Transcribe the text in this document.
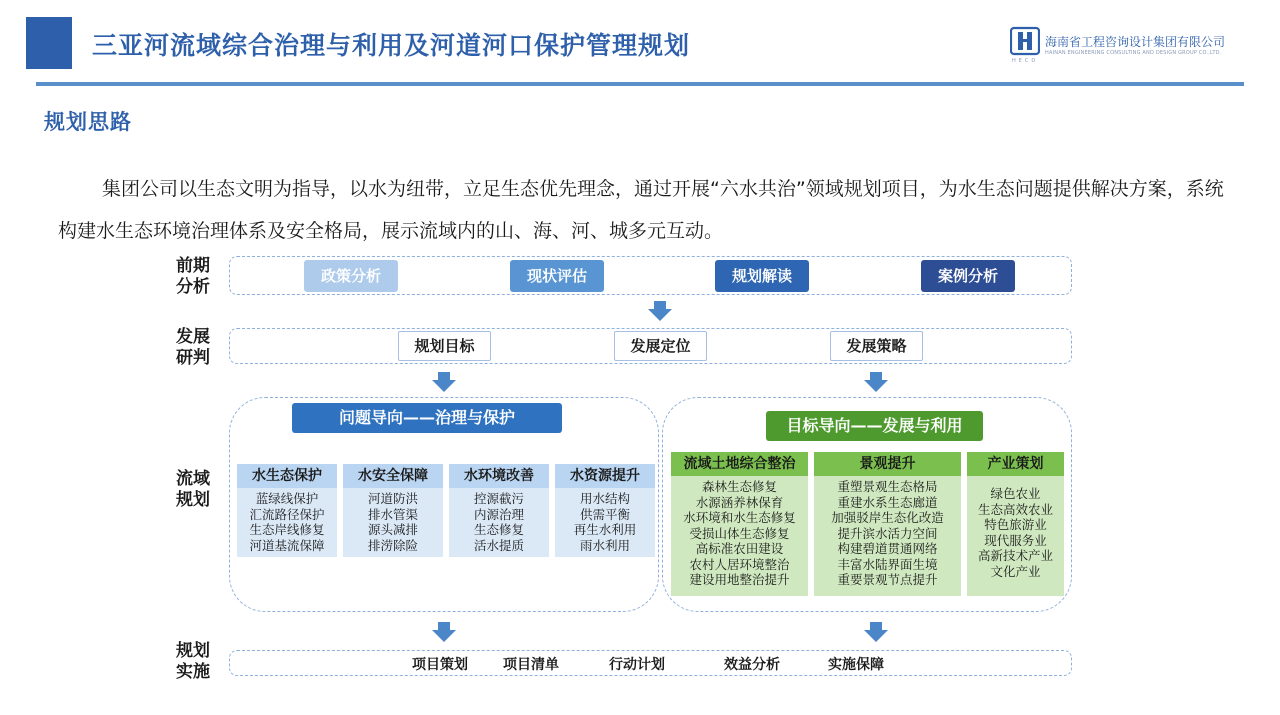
三亚河流域综合治理与利用及河道河口保护管理规划	海南省工程咨询设计集团有限公司
HAINAN ENGINEERING CONSULTING AND DESIGN GROUP CO.,LTD.
HECD
规划思路
集团公司以生态文明为指导，以水为纽带，立足生态优先理念，通过开展“六水共治”领域规划项目，为水生态问题提供解决方案，系统构建水生态环境治理体系及安全格局，展示流域内的山、海、河、城多元互动。
前期
分析
发展
研判
流域
规划
规划
实施
政策分析	现状评估	规划解读	案例分析
规划目标	发展定位	发展策略
问题导向——治理与保护
水生态保护
蓝绿线保护
汇流路径保护
生态岸线修复
河道基流保障
水安全保障
河道防洪
排水管渠
源头减排
排涝除险
水环境改善
控源截污
内源治理
生态修复
活水提质
水资源提升
用水结构
供需平衡
再生水利用
雨水利用
目标导向——发展与利用
流域土地综合整治
森林生态修复
水源涵养林保育
水环境和水生态修复
受损山体生态修复
高标准农田建设
农村人居环境整治
建设用地整治提升
景观提升
重塑景观生态格局
重建水系生态廊道
加强驳岸生态化改造
提升滨水活力空间
构建碧道贯通网络
丰富水陆界面生境
重要景观节点提升
产业策划
绿色农业
生态高效农业
特色旅游业
现代服务业
高新技术产业
文化产业
项目策划	项目清单	行动计划	效益分析	实施保障
